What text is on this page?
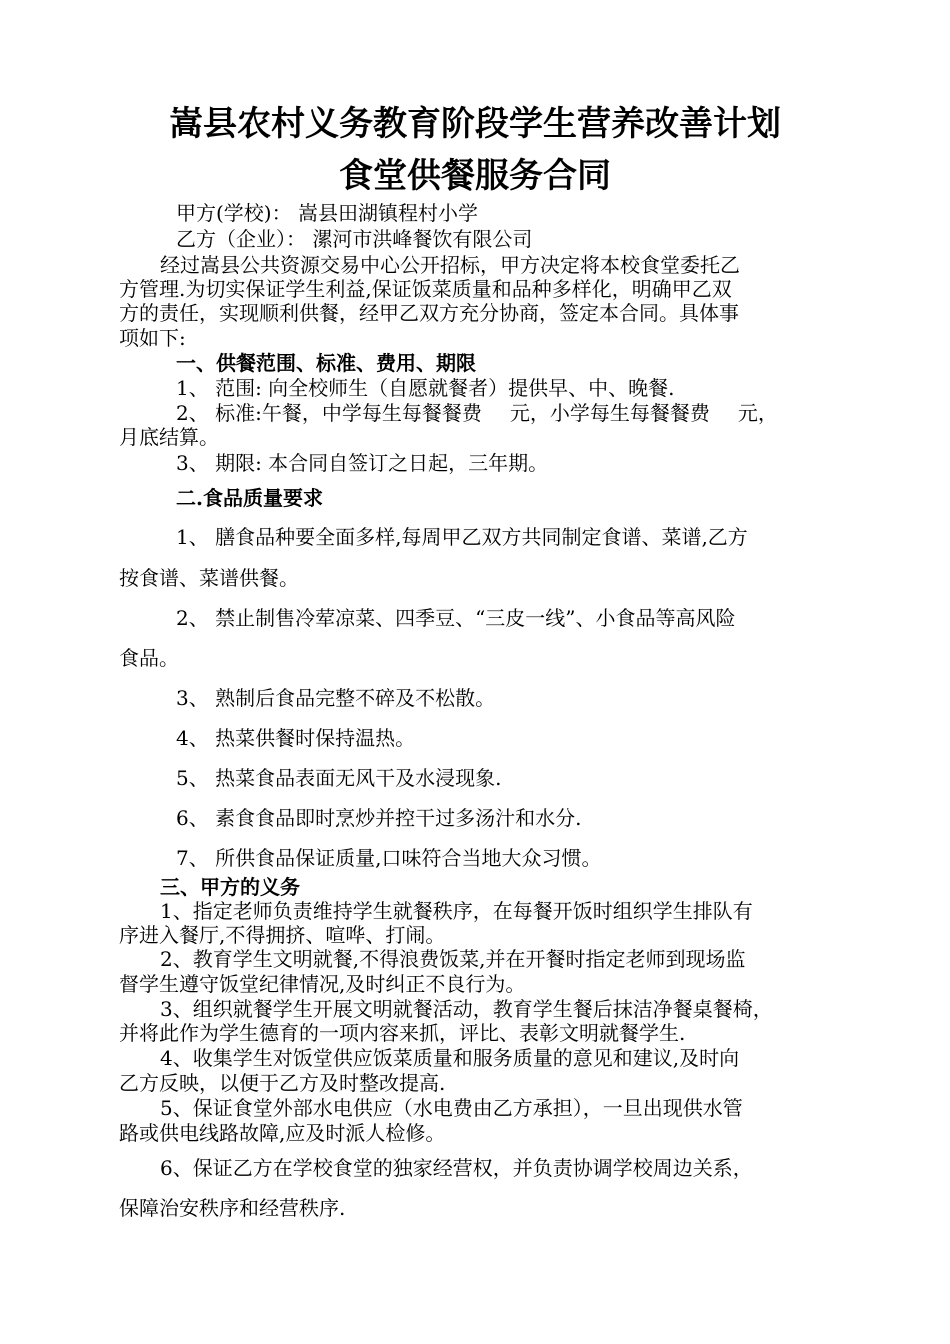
嵩县农村义务教育阶段学生营养改善计划
食堂供餐服务合同
甲方(学校)： 嵩县田湖镇程村小学
乙方（企业）： 漯河市洪峰餐饮有限公司
经过嵩县公共资源交易中心公开招标，甲方决定将本校食堂委托乙
方管理.为切实保证学生利益,保证饭菜质量和品种多样化，明确甲乙双
方的责任，实现顺利供餐，经甲乙双方充分协商，签定本合同。具体事
项如下:
一、供餐范围、标准、费用、期限
1、 范围: 向全校师生（自愿就餐者）提供早、中、晚餐.
2、 标准:午餐，中学每生每餐餐费 元，小学每生每餐餐费 元，
月底结算。
3、 期限: 本合同自签订之日起，三年期。
二.食品质量要求
1、 膳食品种要全面多样,每周甲乙双方共同制定食谱、菜谱,乙方
按食谱、菜谱供餐。
2、 禁止制售冷荤凉菜、四季豆、“三皮一线”、小食品等高风险
食品。
3、 熟制后食品完整不碎及不松散。
4、 热菜供餐时保持温热。
5、 热菜食品表面无风干及水浸现象.
6、 素食食品即时烹炒并控干过多汤汁和水分.
7、 所供食品保证质量,口味符合当地大众习惯。
三、甲方的义务
1、指定老师负责维持学生就餐秩序，在每餐开饭时组织学生排队有
序进入餐厅,不得拥挤、喧哗、打闹。
2、教育学生文明就餐,不得浪费饭菜,并在开餐时指定老师到现场监
督学生遵守饭堂纪律情况,及时纠正不良行为。
3、组织就餐学生开展文明就餐活动，教育学生餐后抹洁净餐桌餐椅，
并将此作为学生德育的一项内容来抓，评比、表彰文明就餐学生.
4、收集学生对饭堂供应饭菜质量和服务质量的意见和建议,及时向
乙方反映，以便于乙方及时整改提高.
5、保证食堂外部水电供应（水电费由乙方承担），一旦出现供水管
路或供电线路故障,应及时派人检修。
6、保证乙方在学校食堂的独家经营权，并负责协调学校周边关系，
保障治安秩序和经营秩序.
